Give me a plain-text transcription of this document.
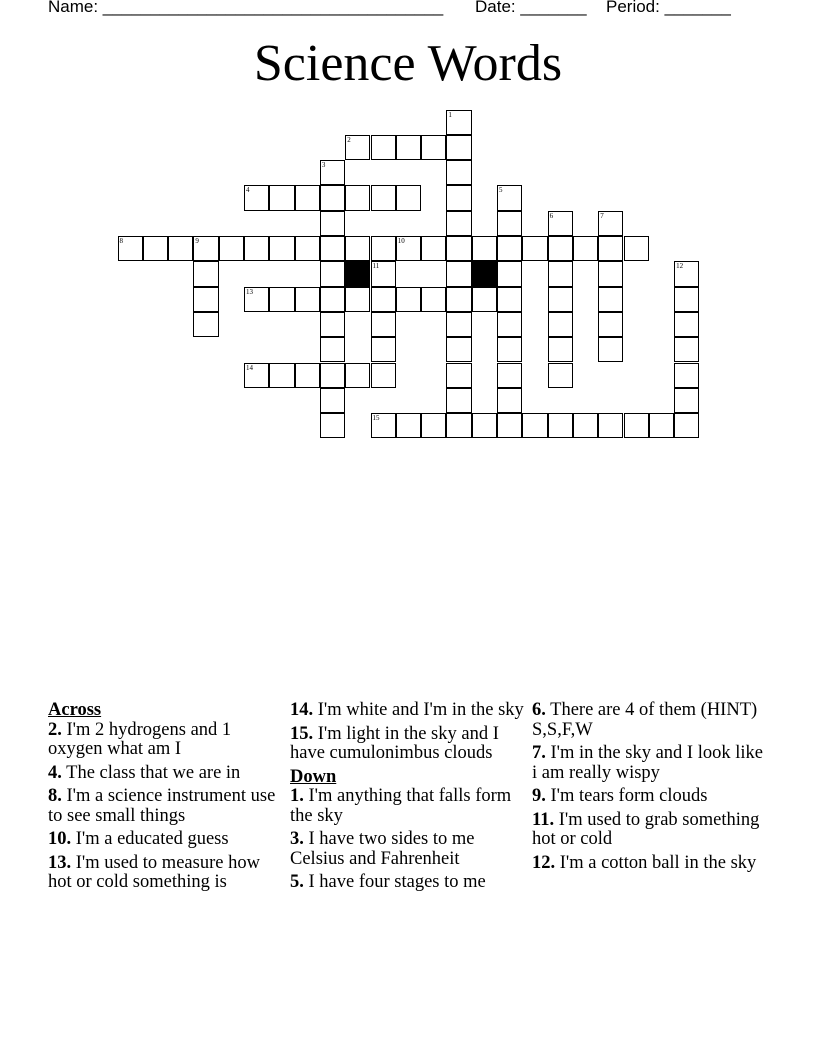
Name: ____________________________________ Date: _______ Period: _______
Science Words
1
2
3
4	5
6	7
8	9	10
11	12
13
14
15
Across
2. I'm 2 hydrogens and 1 oxygen what am I
4. The class that we are in
8. I'm a science instrument use to see small things
10. I'm a educated guess
13. I'm used to measure how hot or cold something is
14. I'm white and I'm in the sky
15. I'm light in the sky and I have cumulonimbus clouds
Down
1. I'm anything that falls form the sky
3. I have two sides to me Celsius and Fahrenheit
5. I have four stages to me
6. There are 4 of them (HINT) S,S,F,W
7. I'm in the sky and I look like i am really wispy
9. I'm tears form clouds
11. I'm used to grab something hot or cold
12. I'm a cotton ball in the sky
